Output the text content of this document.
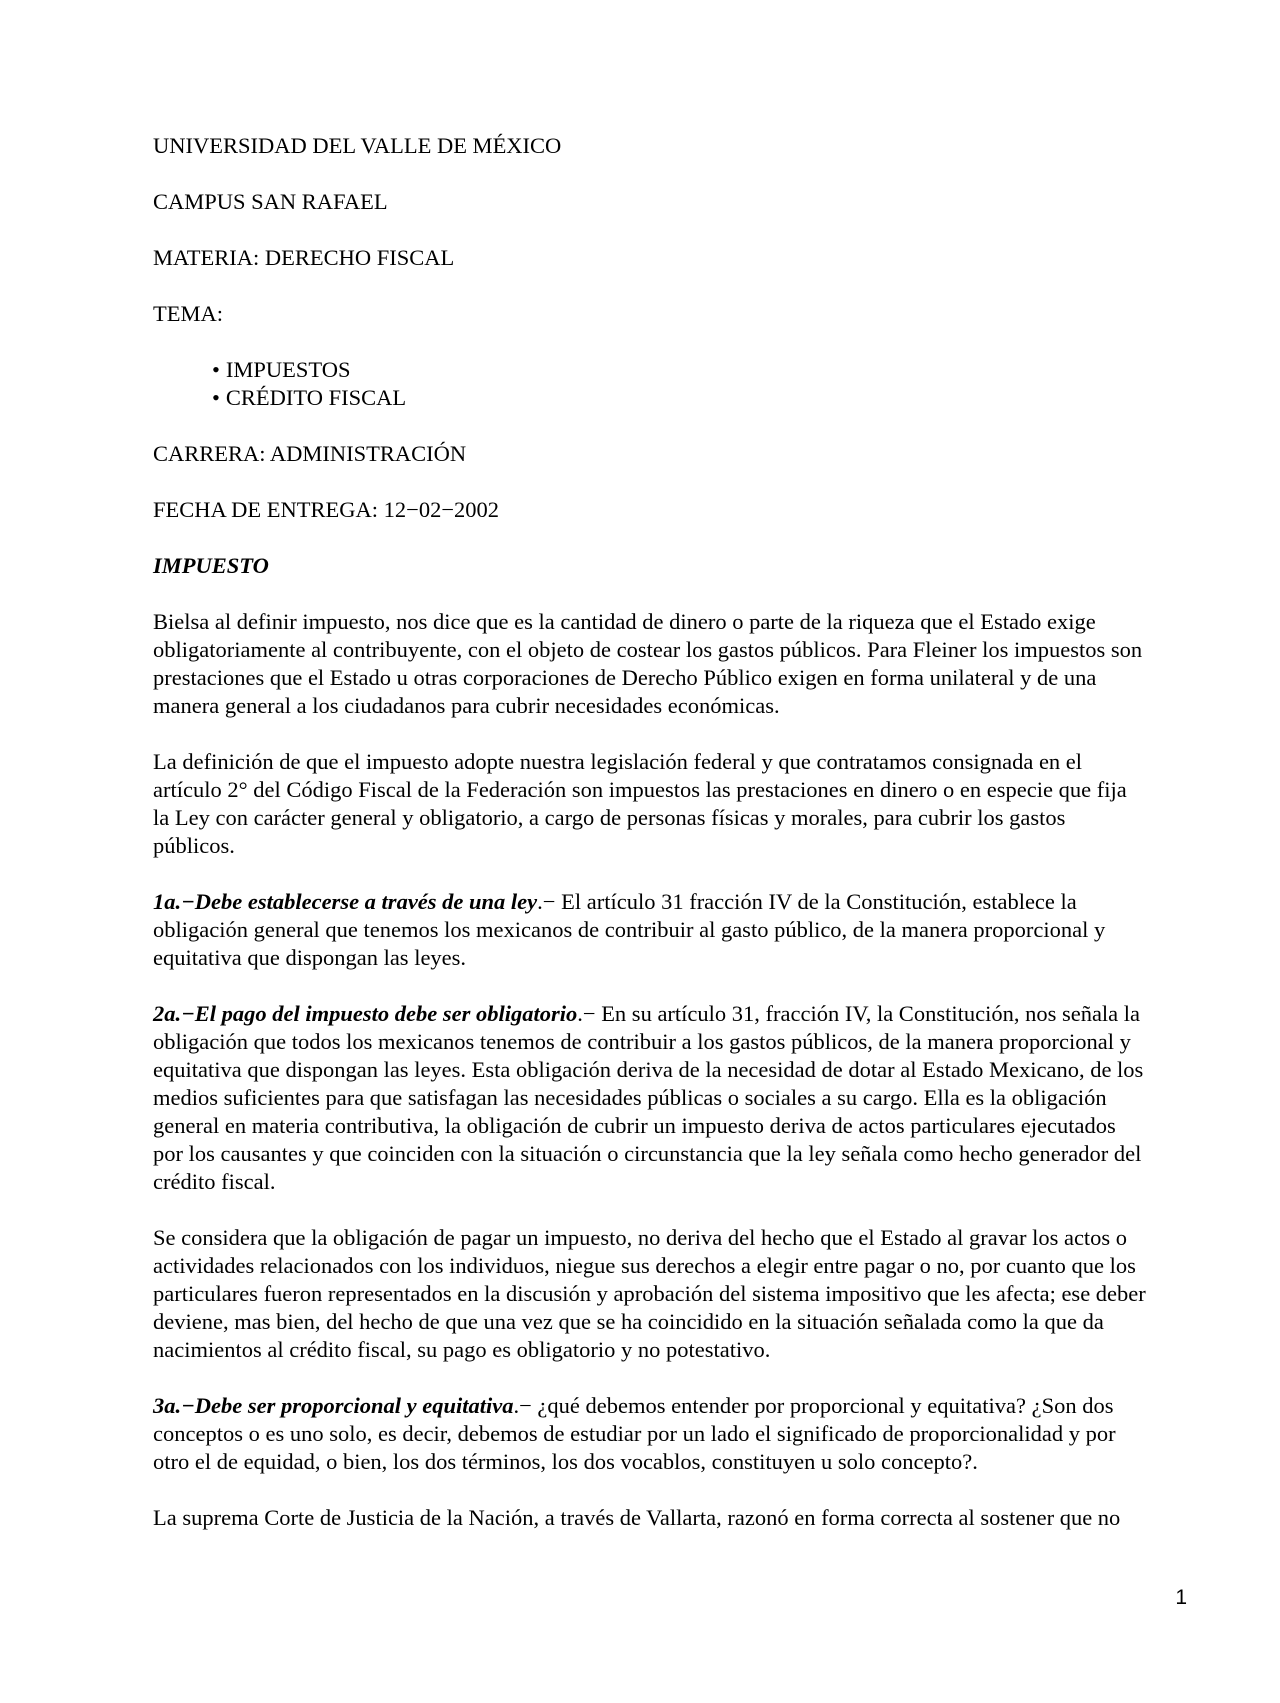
UNIVERSIDAD DEL VALLE DE MÉXICO

CAMPUS SAN RAFAEL

MATERIA: DERECHO FISCAL

TEMA:

• IMPUESTOS
• CRÉDITO FISCAL

CARRERA: ADMINISTRACIÓN

FECHA DE ENTREGA: 12−02−2002

IMPUESTO

Bielsa al definir impuesto, nos dice que es la cantidad de dinero o parte de la riqueza que el Estado exige
obligatoriamente al contribuyente, con el objeto de costear los gastos públicos. Para Fleiner los impuestos son
prestaciones que el Estado u otras corporaciones de Derecho Público exigen en forma unilateral y de una
manera general a los ciudadanos para cubrir necesidades económicas.

La definición de que el impuesto adopte nuestra legislación federal y que contratamos consignada en el
artículo 2° del Código Fiscal de la Federación son impuestos las prestaciones en dinero o en especie que fija
la Ley con carácter general y obligatorio, a cargo de personas físicas y morales, para cubrir los gastos
públicos.

1a.−Debe establecerse a través de una ley.− El artículo 31 fracción IV de la Constitución, establece la
obligación general que tenemos los mexicanos de contribuir al gasto público, de la manera proporcional y
equitativa que dispongan las leyes.

2a.−El pago del impuesto debe ser obligatorio.− En su artículo 31, fracción IV, la Constitución, nos señala la
obligación que todos los mexicanos tenemos de contribuir a los gastos públicos, de la manera proporcional y
equitativa que dispongan las leyes. Esta obligación deriva de la necesidad de dotar al Estado Mexicano, de los
medios suficientes para que satisfagan las necesidades públicas o sociales a su cargo. Ella es la obligación
general en materia contributiva, la obligación de cubrir un impuesto deriva de actos particulares ejecutados
por los causantes y que coinciden con la situación o circunstancia que la ley señala como hecho generador del
crédito fiscal.

Se considera que la obligación de pagar un impuesto, no deriva del hecho que el Estado al gravar los actos o
actividades relacionados con los individuos, niegue sus derechos a elegir entre pagar o no, por cuanto que los
particulares fueron representados en la discusión y aprobación del sistema impositivo que les afecta; ese deber
deviene, mas bien, del hecho de que una vez que se ha coincidido en la situación señalada como la que da
nacimientos al crédito fiscal, su pago es obligatorio y no potestativo.

3a.−Debe ser proporcional y equitativa.− ¿qué debemos entender por proporcional y equitativa? ¿Son dos
conceptos o es uno solo, es decir, debemos de estudiar por un lado el significado de proporcionalidad y por
otro el de equidad, o bien, los dos términos, los dos vocablos, constituyen u solo concepto?.

La suprema Corte de Justicia de la Nación, a través de Vallarta, razonó en forma correcta al sostener que no

1
